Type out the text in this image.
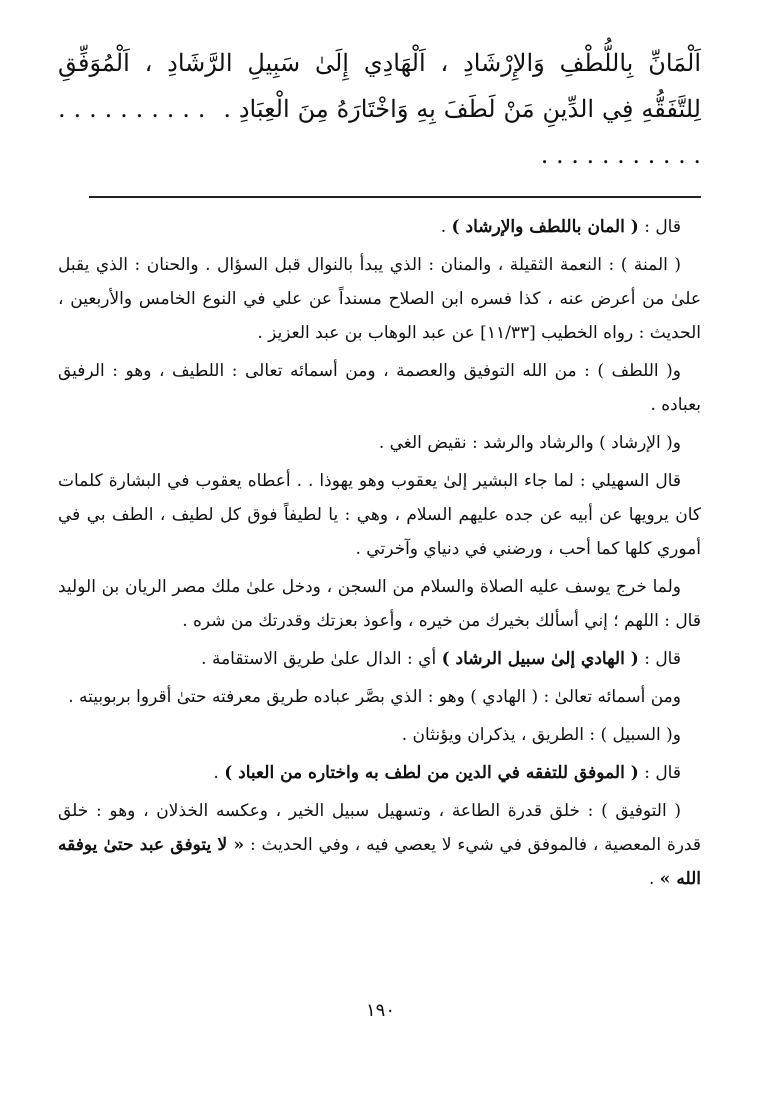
اَلْمَانِّ بِاللُّطْفِ وَالإِرْشَادِ ، اَلْهَادِي إِلَىٰ سَبِيلِ الرَّشَادِ ، اَلْمُوَفِّقِ لِلتَّفَقُّهِ فِي الدِّينِ مَنْ لَطَفَ بِهِ وَاخْتَارَهُ مِنَ الْعِبَادِ . . . . . . . . . . . . . . . . . . . . . .

قال : ( المان باللطف والإرشاد ) .

( المنة ) : النعمة الثقيلة ، والمنان : الذي يبدأ بالنوال قبل السؤال . والحنان : الذي يقبل علىٰ من أعرض عنه ، كذا فسره ابن الصلاح مسنداً عن علي في النوع الخامس والأربعين ، الحديث : رواه الخطيب [١١/٣٣] عن عبد الوهاب بن عبد العزيز .

و( اللطف ) : من الله التوفيق والعصمة ، ومن أسمائه تعالى : اللطيف ، وهو : الرفيق بعباده .

و( الإرشاد ) والرشاد والرشد : نقيض الغي .

قال السهيلي : لما جاء البشير إلىٰ يعقوب وهو يهوذا . . أعطاه يعقوب في البشارة كلمات كان يرويها عن أبيه عن جده عليهم السلام ، وهي : يا لطيفاً فوق كل لطيف ، الطف بي في أموري كلها كما أحب ، ورضني في دنياي وآخرتي .

ولما خرج يوسف عليه الصلاة والسلام من السجن ، ودخل علىٰ ملك مصر الريان بن الوليد قال : اللهم ؛ إني أسألك بخيرك من خيره ، وأعوذ بعزتك وقدرتك من شره .

قال : ( الهادي إلىٰ سبيل الرشاد ) أي : الدال علىٰ طريق الاستقامة .

ومن أسمائه تعالىٰ : ( الهادي ) وهو : الذي بصَّر عباده طريق معرفته حتىٰ أقروا بربوبيته .

و( السبيل ) : الطريق ، يذكران ويؤنثان .

قال : ( الموفق للتفقه في الدين من لطف به واختاره من العباد ) .

( التوفيق ) : خلق قدرة الطاعة ، وتسهيل سبيل الخير ، وعكسه الخذلان ، وهو : خلق قدرة المعصية ، فالموفق في شيء لا يعصي فيه ، وفي الحديث : « لا يتوفق عبد حتىٰ يوفقه الله » .

١٩٠
